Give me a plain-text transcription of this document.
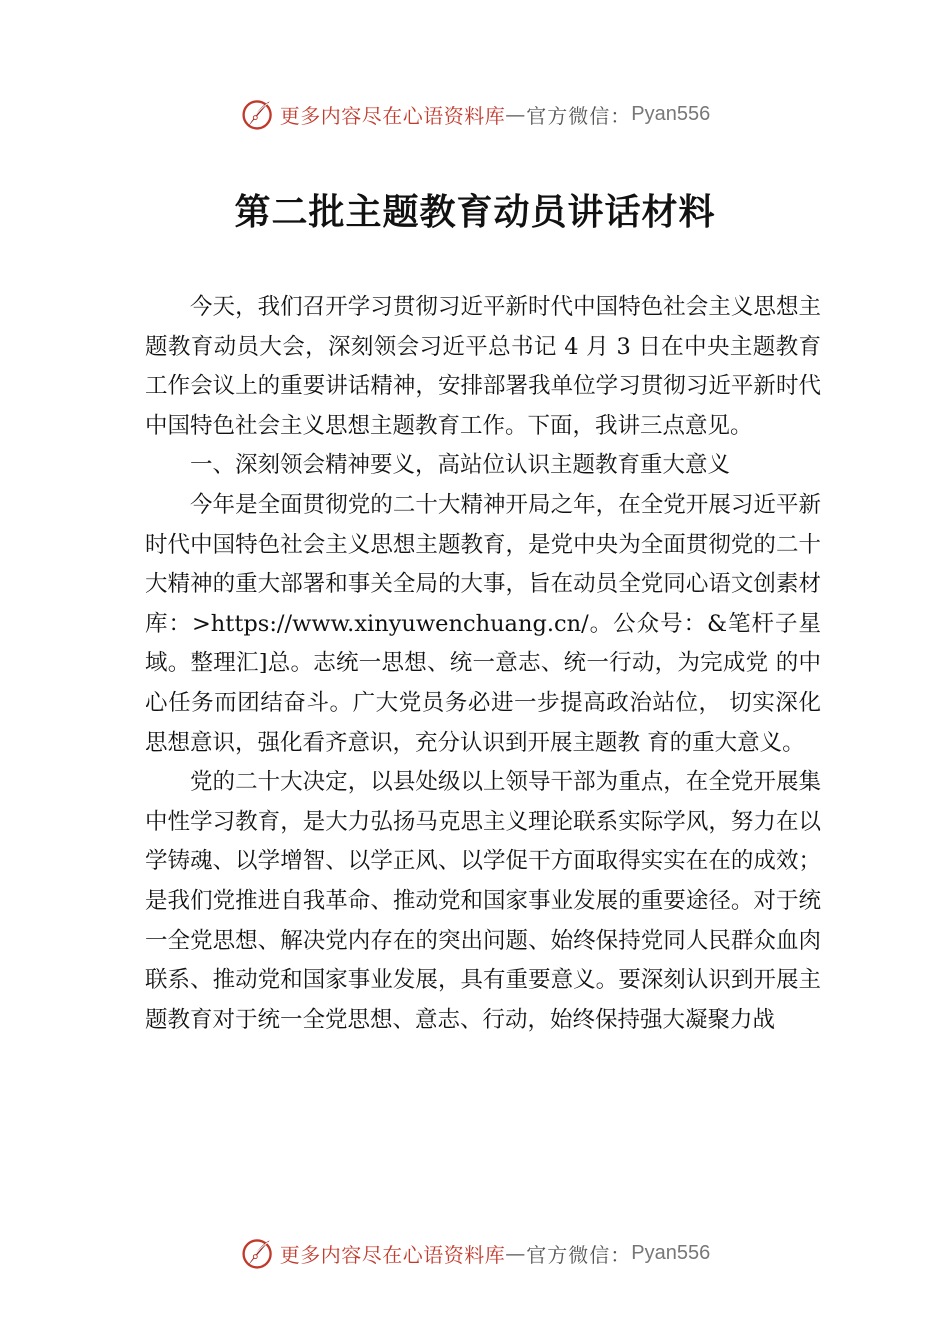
更多内容尽在心语资料库 — 官方微信： Pyan556
第二批主题教育动员讲话材料

今天，我们召开学习贯彻习近平新时代中国特色社会主义思想主题教育动员大会，深刻领会习近平总书记 4 月 3 日在中央主题教育工作会议上的重要讲话精神，安排部署我单位学习贯彻习近平新时代中国特色社会主义思想主题教育工作。下面，我讲三点意见。

一、深刻领会精神要义，高站位认识主题教育重大意义

今年是全面贯彻党的二十大精神开局之年，在全党开展习近平新时代中国特色社会主义思想主题教育，是党中央为全面贯彻党的二十大精神的重大部署和事关全局的大事，旨在动员全党同心语文创素材库：>https://www.xinyuwenchuang.cn/。公众号：&笔杆子星域。整理汇]总。志统一思想、统一意志、统一行动，为完成党 的中心任务而团结奋斗。广大党员务必进一步提高政治站位， 切实深化思想意识，强化看齐意识，充分认识到开展主题教 育的重大意义。

党的二十大决定，以县处级以上领导干部为重点，在全党开展集中性学习教育，是大力弘扬马克思主义理论联系实际学风，努力在以学铸魂、以学增智、以学正风、以学促干方面取得实实在在的成效；是我们党推进自我革命、推动党和国家事业发展的重要途径。对于统一全党思想、解决党内存在的突出问题、始终保持党同人民群众血肉联系、推动党和国家事业发展，具有重要意义。要深刻认识到开展主题教育对于统一全党思想、意志、行动，始终保持强大凝聚力战

更多内容尽在心语资料库 — 官方微信： Pyan556
